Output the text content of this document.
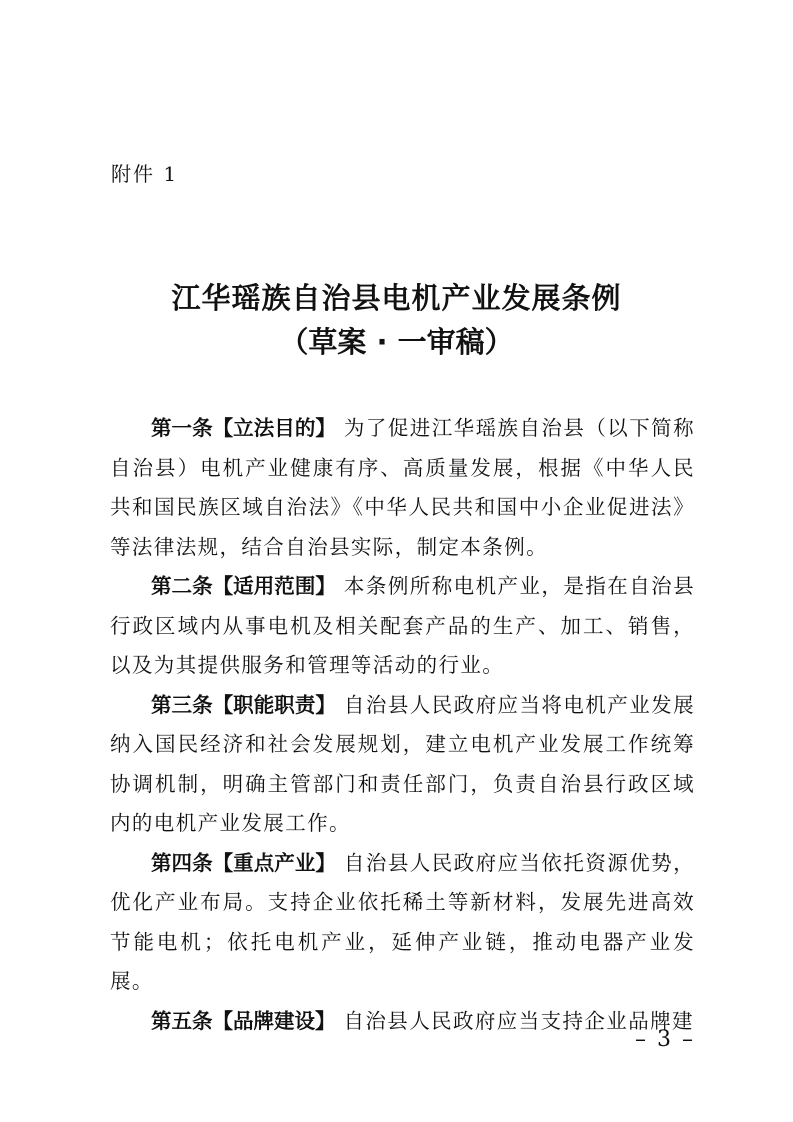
附件 1
江华瑶族自治县电机产业发展条例
（草案 · 一审稿）

第一条【立法目的】 为了促进江华瑶族自治县（以下简称自治县）电机产业健康有序、高质量发展，根据《中华人民共和国民族区域自治法》《中华人民共和国中小企业促进法》等法律法规，结合自治县实际，制定本条例。

第二条【适用范围】 本条例所称电机产业，是指在自治县行政区域内从事电机及相关配套产品的生产、加工、销售，以及为其提供服务和管理等活动的行业。

第三条【职能职责】 自治县人民政府应当将电机产业发展纳入国民经济和社会发展规划，建立电机产业发展工作统筹协调机制，明确主管部门和责任部门，负责自治县行政区域内的电机产业发展工作。

第四条【重点产业】 自治县人民政府应当依托资源优势，优化产业布局。支持企业依托稀土等新材料，发展先进高效节能电机；依托电机产业，延伸产业链，推动电器产业发展。

第五条【品牌建设】 自治县人民政府应当支持企业品牌建

– 3 –
